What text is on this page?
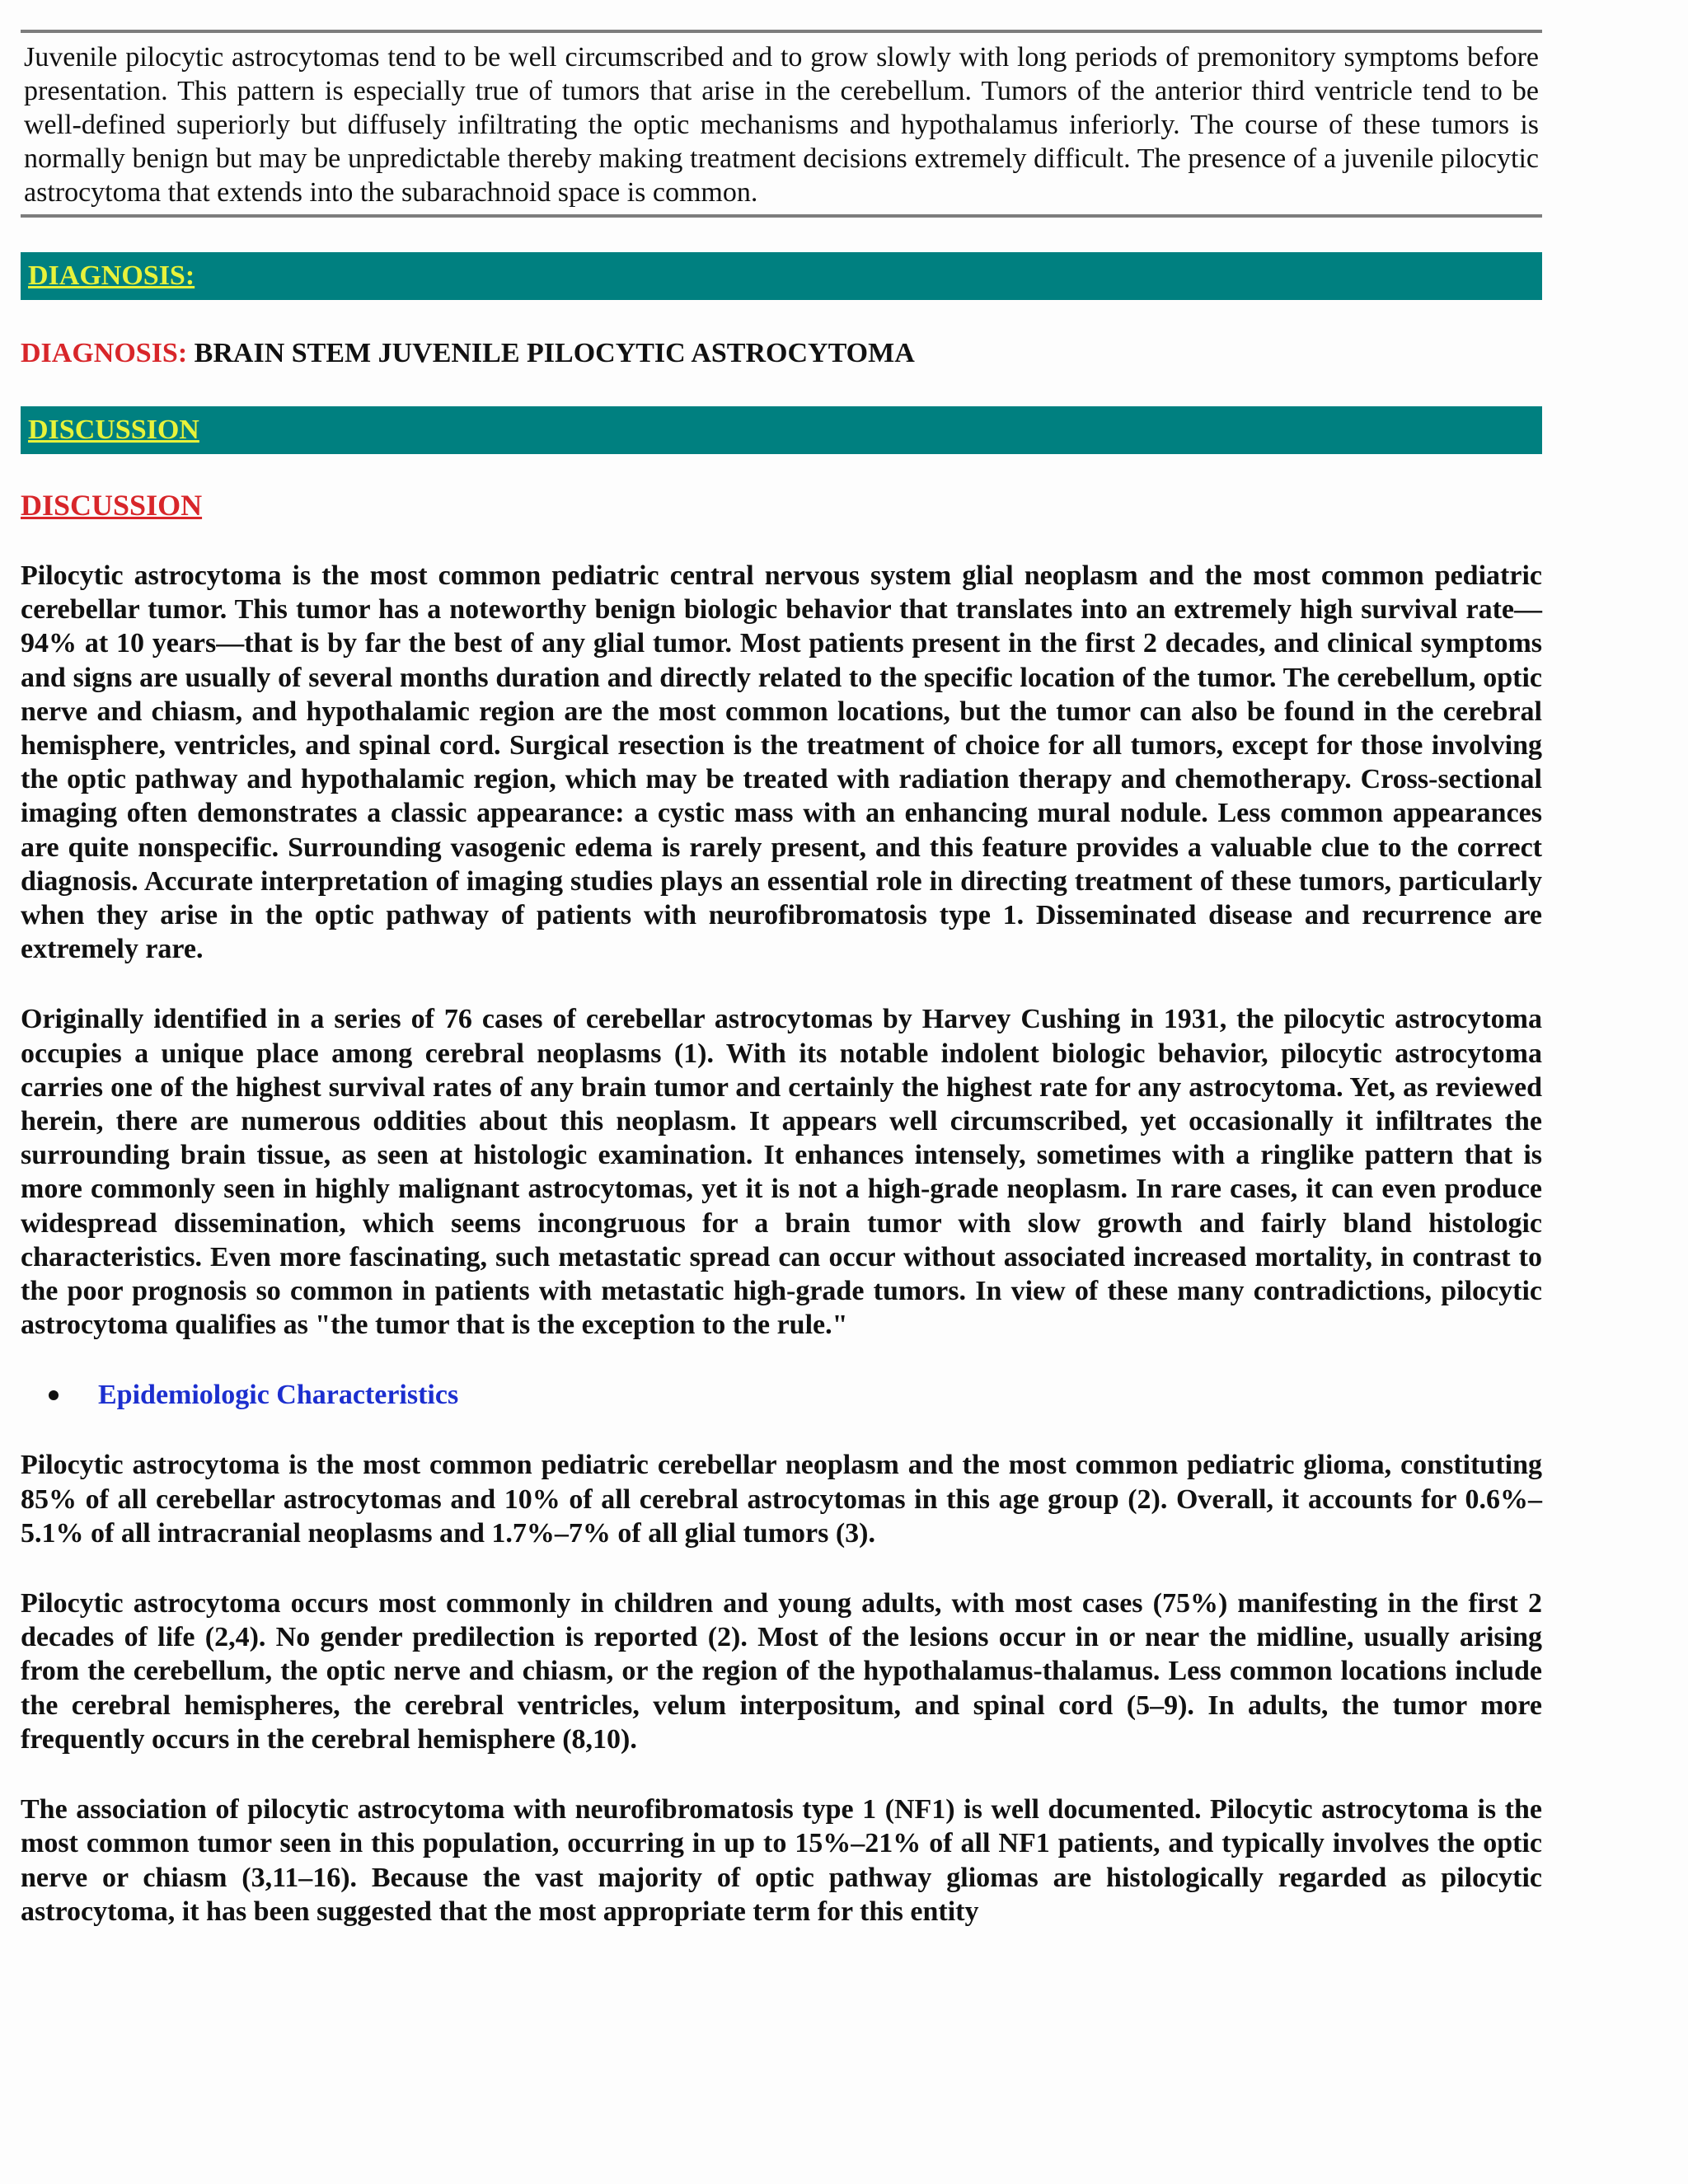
Juvenile pilocytic astrocytomas tend to be well circumscribed and to grow slowly with long periods of premonitory symptoms before presentation. This pattern is especially true of tumors that arise in the cerebellum. Tumors of the anterior third ventricle tend to be well-defined superiorly but diffusely infiltrating the optic mechanisms and hypothalamus inferiorly. The course of these tumors is normally benign but may be unpredictable thereby making treatment decisions extremely difficult. The presence of a juvenile pilocytic astrocytoma that extends into the subarachnoid space is common.
DIAGNOSIS:
DIAGNOSIS: BRAIN STEM JUVENILE PILOCYTIC ASTROCYTOMA
DISCUSSION
DISCUSSION

Pilocytic astrocytoma is the most common pediatric central nervous system glial neoplasm and the most common pediatric cerebellar tumor. This tumor has a noteworthy benign biologic behavior that translates into an extremely high survival rate—94% at 10 years—that is by far the best of any glial tumor. Most patients present in the first 2 decades, and clinical symptoms and signs are usually of several months duration and directly related to the specific location of the tumor. The cerebellum, optic nerve and chiasm, and hypothalamic region are the most common locations, but the tumor can also be found in the cerebral hemisphere, ventricles, and spinal cord. Surgical resection is the treatment of choice for all tumors, except for those involving the optic pathway and hypothalamic region, which may be treated with radiation therapy and chemotherapy. Cross-sectional imaging often demonstrates a classic appearance: a cystic mass with an enhancing mural nodule. Less common appearances are quite nonspecific. Surrounding vasogenic edema is rarely present, and this feature provides a valuable clue to the correct diagnosis. Accurate interpretation of imaging studies plays an essential role in directing treatment of these tumors, particularly when they arise in the optic pathway of patients with neurofibromatosis type 1. Disseminated disease and recurrence are extremely rare.

Originally identified in a series of 76 cases of cerebellar astrocytomas by Harvey Cushing in 1931, the pilocytic astrocytoma occupies a unique place among cerebral neoplasms (1). With its notable indolent biologic behavior, pilocytic astrocytoma carries one of the highest survival rates of any brain tumor and certainly the highest rate for any astrocytoma. Yet, as reviewed herein, there are numerous oddities about this neoplasm. It appears well circumscribed, yet occasionally it infiltrates the surrounding brain tissue, as seen at histologic examination. It enhances intensely, sometimes with a ringlike pattern that is more commonly seen in highly malignant astrocytomas, yet it is not a high-grade neoplasm. In rare cases, it can even produce widespread dissemination, which seems incongruous for a brain tumor with slow growth and fairly bland histologic characteristics. Even more fascinating, such metastatic spread can occur without associated increased mortality, in contrast to the poor prognosis so common in patients with metastatic high-grade tumors. In view of these many contradictions, pilocytic astrocytoma qualifies as "the tumor that is the exception to the rule."

Epidemiologic Characteristics

Pilocytic astrocytoma is the most common pediatric cerebellar neoplasm and the most common pediatric glioma, constituting 85% of all cerebellar astrocytomas and 10% of all cerebral astrocytomas in this age group (2). Overall, it accounts for 0.6%–5.1% of all intracranial neoplasms and 1.7%–7% of all glial tumors (3).

Pilocytic astrocytoma occurs most commonly in children and young adults, with most cases (75%) manifesting in the first 2 decades of life (2,4). No gender predilection is reported (2). Most of the lesions occur in or near the midline, usually arising from the cerebellum, the optic nerve and chiasm, or the region of the hypothalamus-thalamus. Less common locations include the cerebral hemispheres, the cerebral ventricles, velum interpositum, and spinal cord (5–9). In adults, the tumor more frequently occurs in the cerebral hemisphere (8,10).

The association of pilocytic astrocytoma with neurofibromatosis type 1 (NF1) is well documented. Pilocytic astrocytoma is the most common tumor seen in this population, occurring in up to 15%–21% of all NF1 patients, and typically involves the optic nerve or chiasm (3,11–16). Because the vast majority of optic pathway gliomas are histologically regarded as pilocytic astrocytoma, it has been suggested that the most appropriate term for this entity
